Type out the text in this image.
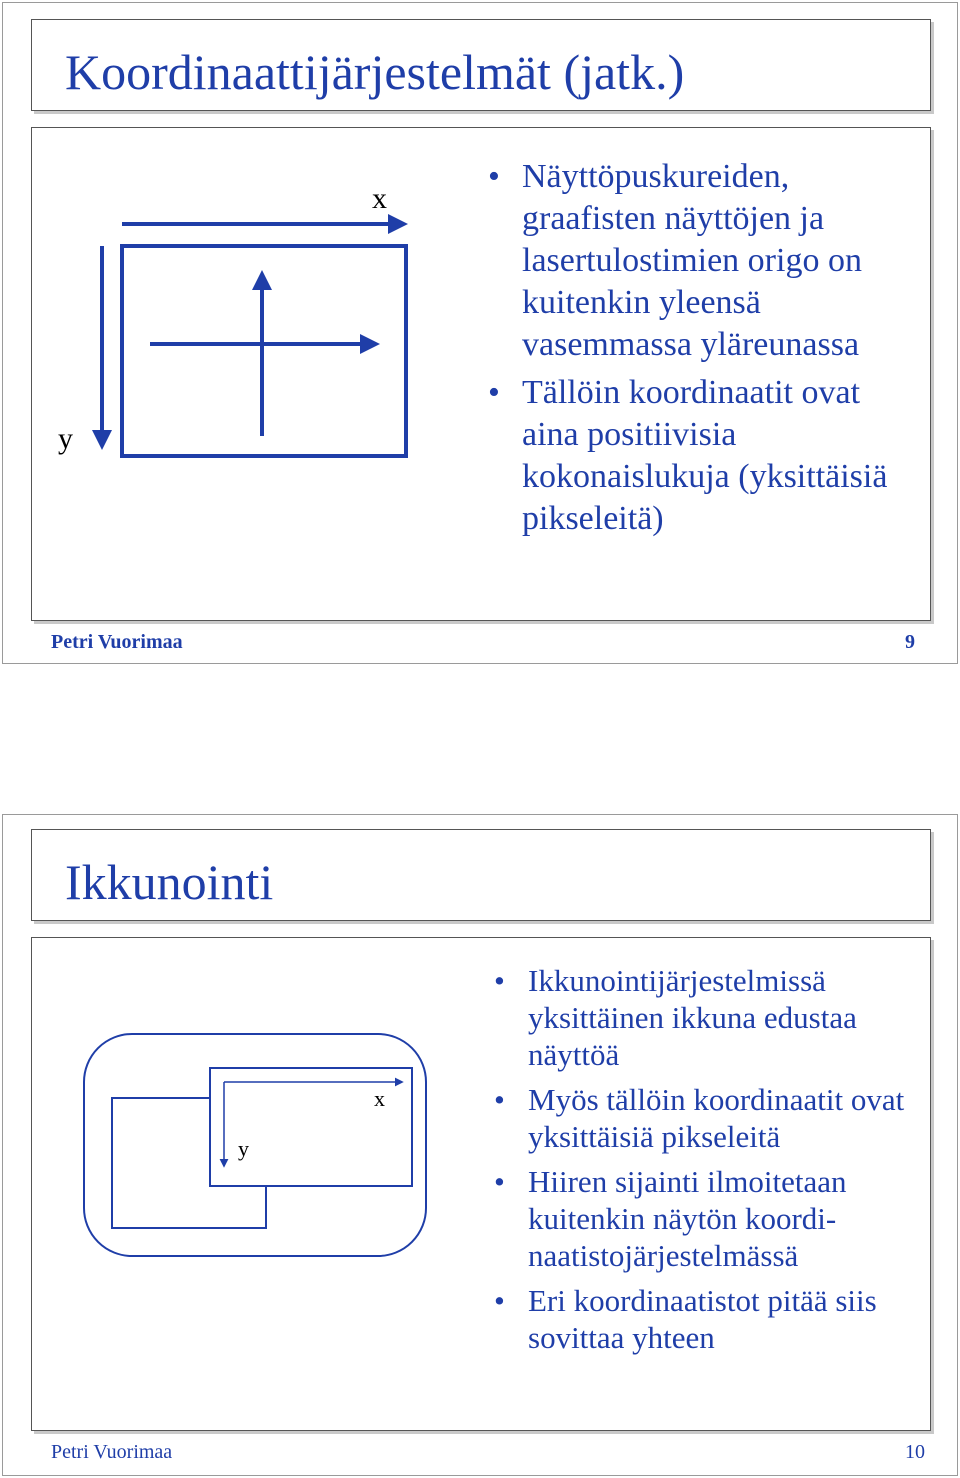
Koordinaattijärjestelmät (jatk.)
x
y
• Näyttöpuskureiden, graafisten näyttöjen ja lasertulostimien origo on kuitenkin yleensä vasemmassa yläreunassa
• Tällöin koordinaatit ovat aina positiivisia kokonaislukuja (yksittäisiä pikseleitä)
Petri Vuorimaa	9
Ikkunointi
x
y
• Ikkunointijärjestelmissä yksittäinen ikkuna edustaa näyttöä
• Myös tällöin koordinaatit ovat yksittäisiä pikseleitä
• Hiiren sijainti ilmoitetaan kuitenkin näytön koordi-naatistojärjestelmässä
• Eri koordinaatistot pitää siis sovittaa yhteen
Petri Vuorimaa	10
